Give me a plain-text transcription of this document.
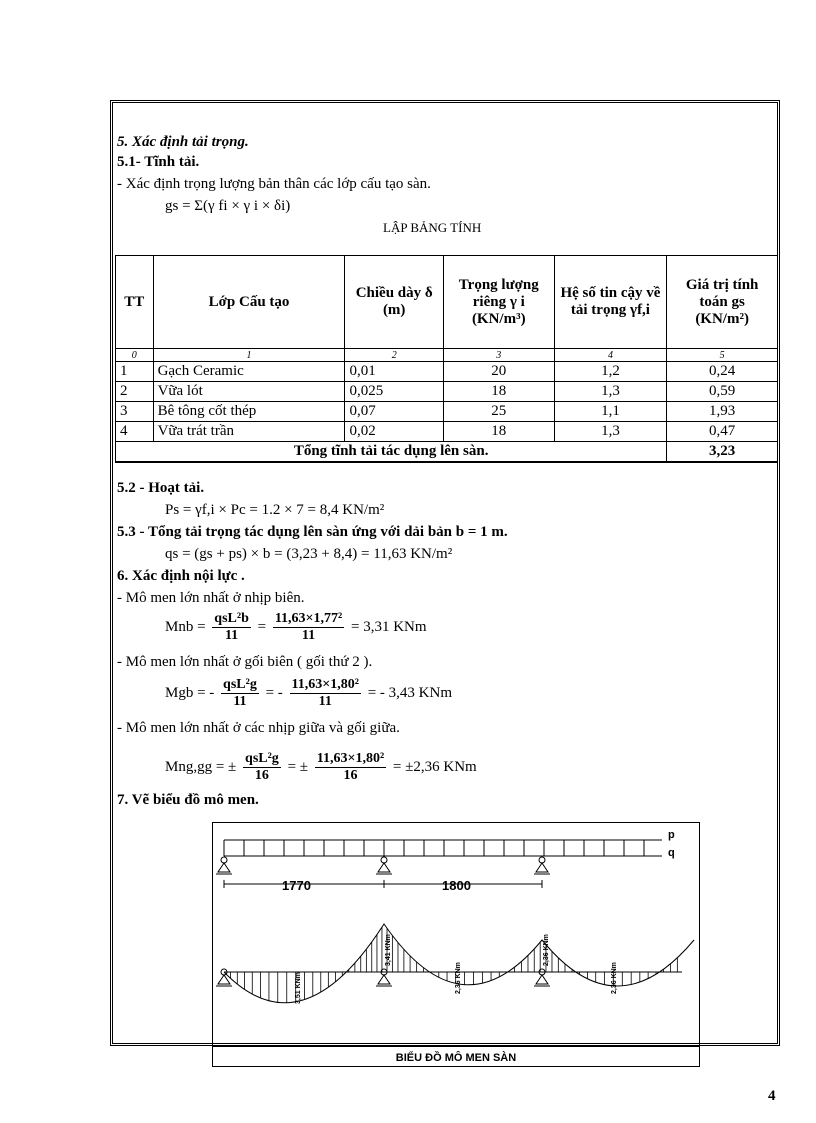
5. Xác định tải trọng.
5.1- Tĩnh tải.
- Xác định trọng lượng bản thân các lớp cấu tạo sàn.
gs = Σ(γ fi × γ i × δi)
LẬP BẢNG TÍNH
TT	Lớp Cấu tạo	Chiều dày δ (m)	Trọng lượng riêng γ i (KN/m³)	Hệ số tin cậy về tải trọng γf,i	Giá trị tính toán gs (KN/m²)
0	1	2	3	4	5
1	Gạch Ceramic	0,01	20	1,2	0,24
2	Vữa lót	0,025	18	1,3	0,59
3	Bê tông cốt thép	0,07	25	1,1	1,93
4	Vữa trát trần	0,02	18	1,3	0,47
Tổng tĩnh tải tác dụng lên sàn.					3,23
5.2 - Hoạt tải.
Ps = γf,i × Pc = 1.2 × 7 = 8,4 KN/m²
5.3 - Tổng tải trọng tác dụng lên sàn ứng với dải bản b = 1 m.
qs = (gs + ps) × b = (3,23 + 8,4) = 11,63 KN/m²
6. Xác định nội lực .
- Mô men lớn nhất ở nhịp biên.
Mnb = $\frac{\text{qsL²b}}{11} = \frac{\text{11,63×1,77²}}{11} = 3,31$ KNm
- Mô men lớn nhất ở gối biên ( gối thứ 2 ).
Mgb = - $\frac{\text{qsL²g}}{11}$ = - $\frac{\text{11,63×1,80²}}{11}$ = - 3,43 KNm
- Mô men lớn nhất ở các nhịp giữa và gối giữa.
Mng,gg = ± $\frac{\text{qsL²g}}{16}$ = ± $\frac{\text{11,63×1,80²}}{16} = \pm 2,36$ KNm
7. Vẽ biểu đồ mô men.
p
q
1770	1800
3,51 KNm
3,41 KNm
2,36 KNm
2,36 KNm
2,36 KNm
BIỂU ĐỒ MÔ MEN SÀN
4
